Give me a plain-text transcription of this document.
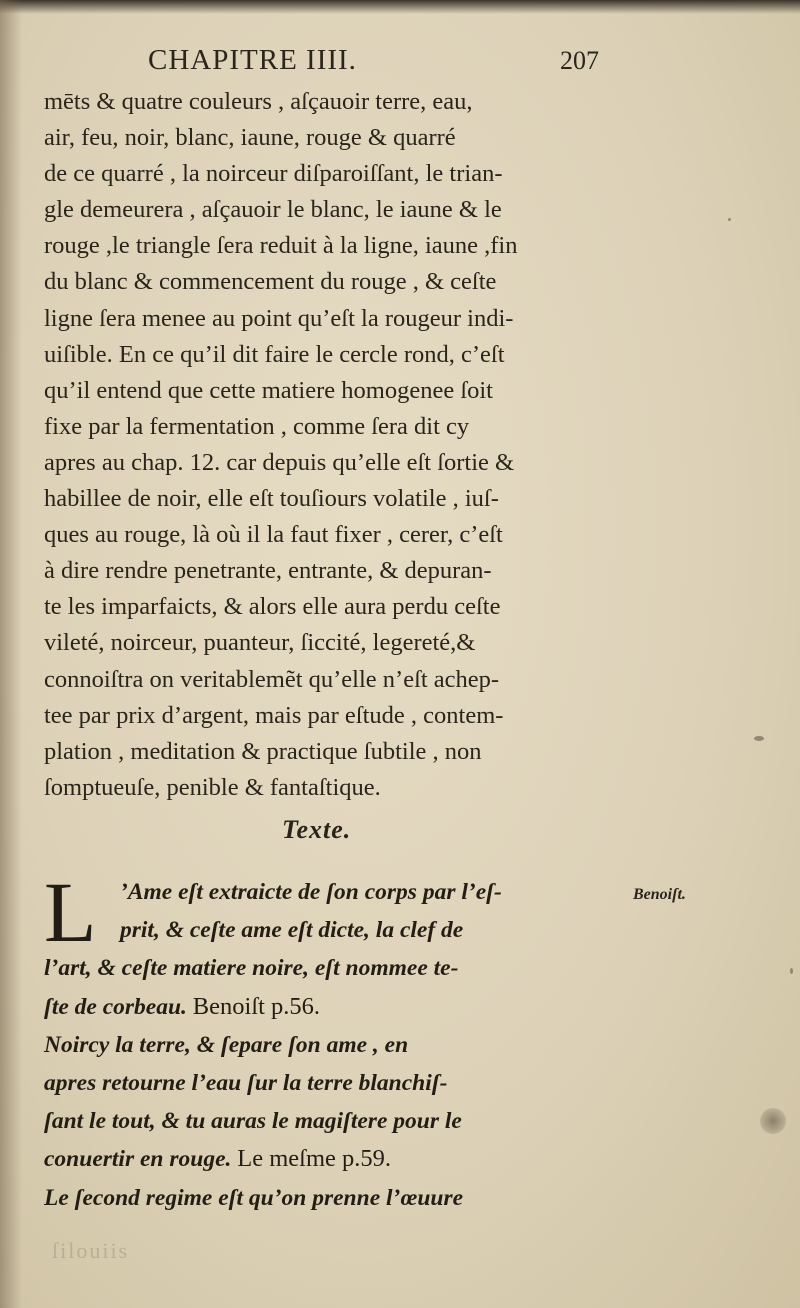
CHAPITRE IIII.	207
mēts & quatre couleurs , aſçauoir terre, eau,
air, feu, noir, blanc, iaune, rouge & quarré
de ce quarré , la noirceur diſparoiſſant, le trian-
gle demeurera , aſçauoir le blanc, le iaune & le
rouge ,le triangle ſera reduit à la ligne, iaune ,fin
du blanc & commencement du rouge , & ceſte
ligne ſera menee au point qu’eſt la rougeur indi-
uiſible. En ce qu’il dit faire le cercle rond, c’eſt
qu’il entend que cette matiere homogenee ſoit
fixe par la fermentation , comme ſera dit cy
apres au chap. 12. car depuis qu’elle eſt ſortie &
habillee de noir, elle eſt touſiours volatile , iuſ-
ques au rouge, là où il la faut fixer , cerer, c’eſt
à dire rendre penetrante, entrante, & depuran-
te les imparfaicts, & alors elle aura perdu ceſte
vileté, noirceur, puanteur, ſiccité, legereté,&
connoiſtra on veritablemẽt qu’elle n’eſt achep-
tee par prix d’argent, mais par eſtude , contem-
plation , meditation & practique ſubtile , non
ſomptueuſe, penible & fantaſtique.
Texte.
L ’Ame eſt extraicte de ſon corps par l’eſ-
prit, & ceſte ame eſt dicte, la clef de
l’art, & ceſte matiere noire, eſt nommee te-
ſte de corbeau. Benoiſt p.56.
Noircy la terre, & ſepare ſon ame , en
apres retourne l’eau ſur la terre blanchiſ-
ſant le tout, & tu auras le magiſtere pour le
conuertir en rouge. Le meſme p.59.
Le ſecond regime eſt qu’on prenne l’œuure
Benoiſt.
ſilouiis
